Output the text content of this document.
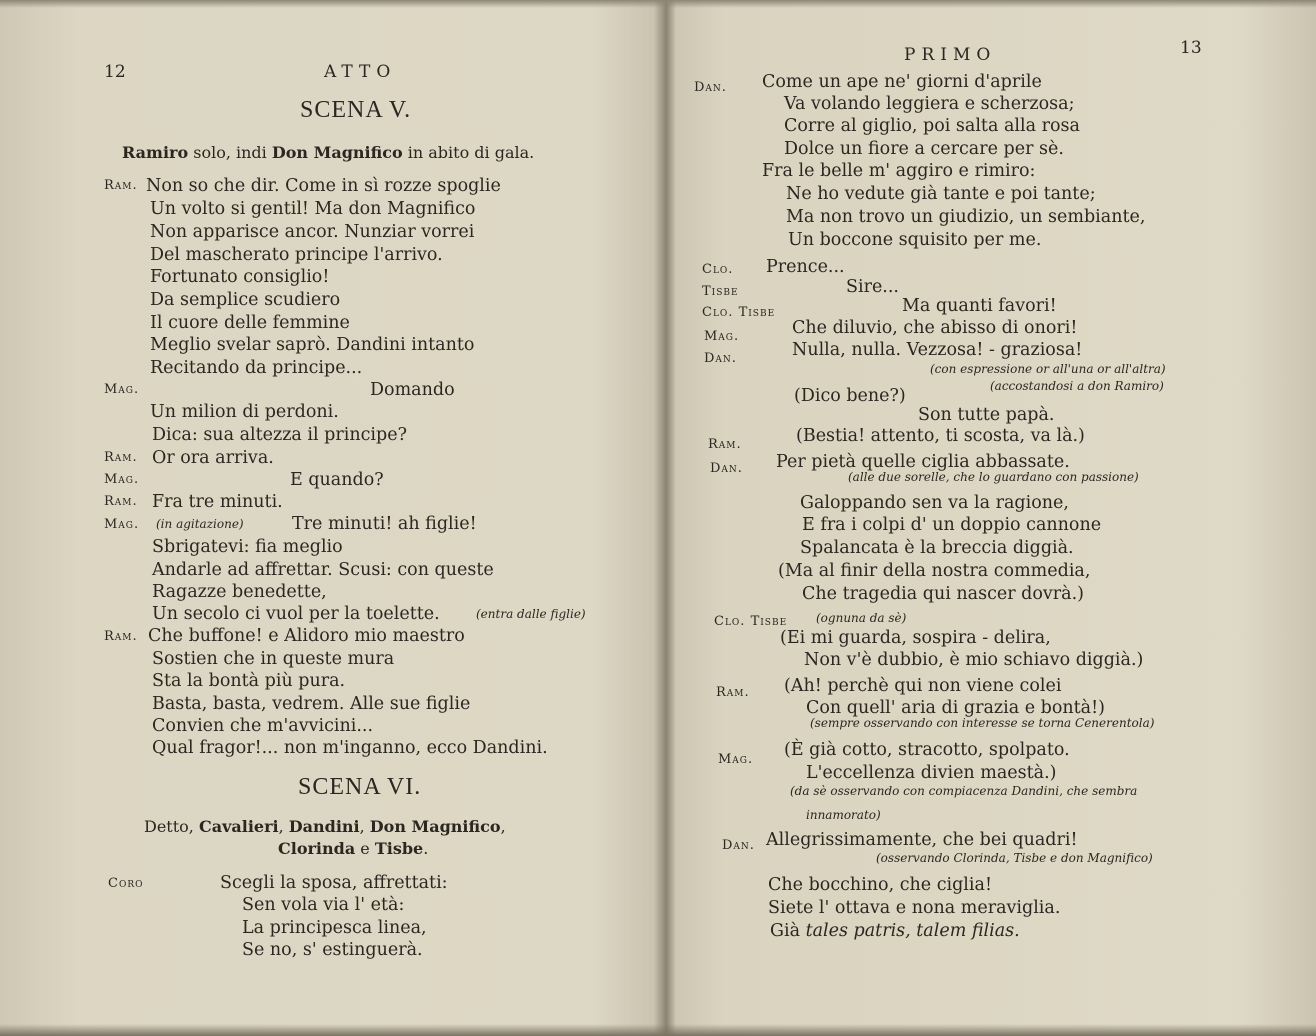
12	ATTO
SCENA V.
Ramiro solo, indi Don Magnifico in abito di gala.
Ram. Non so che dir. Come in sì rozze spoglie
Un volto si gentil! Ma don Magnifico
Non apparisce ancor. Nunziar vorrei
Del mascherato principe l'arrivo.
Fortunato consiglio!
Da semplice scudiero
Il cuore delle femmine
Meglio svelar saprò. Dandini intanto
Recitando da principe...
Mag.	Domando
Un milion di perdoni.
Dica: sua altezza il principe?
Ram. Or ora arriva.
Mag.	E quando?
Ram. Fra tre minuti.
Mag. (in agitazione)	Tre minuti! ah figlie!
Sbrigatevi: fia meglio
Andarle ad affrettar. Scusi: con queste
Ragazze benedette,
Un secolo ci vuol per la toelette.	(entra dalle figlie)
Ram. Che buffone! e Alidoro mio maestro
Sostien che in queste mura
Sta la bontà più pura.
Basta, basta, vedrem. Alle sue figlie
Convien che m'avvicini...
Qual fragor!... non m'inganno, ecco Dandini.
SCENA VI.
Detto, Cavalieri, Dandini, Don Magnifico,
Clorinda e Tisbe.
Coro	Scegli la sposa, affrettati:
Sen vola via l' età:
La principesca linea,
Se no, s' estinguerà.
PRIMO	13
Dan. Come un ape ne' giorni d'aprile
Va volando leggiera e scherzosa;
Corre al giglio, poi salta alla rosa
Dolce un fiore a cercare per sè.
Fra le belle m' aggiro e rimiro:
Ne ho vedute già tante e poi tante;
Ma non trovo un giudizio, un sembiante,
Un boccone squisito per me.
Clo. Prence...
Tisbe	Sire...
Clo. Tisbe	Ma quanti favori!
Mag.	Che diluvio, che abisso di onori!
Dan.	Nulla, nulla. Vezzosa! - graziosa!
(con espressione or all'una or all'altra)
(Dico bene?)	(accostandosi a don Ramiro)
Son tutte papà.
Ram.	(Bestia! attento, ti scosta, va là.)
Dan. Per pietà quelle ciglia abbassate.
(alle due sorelle, che lo guardano con passione)
Galoppando sen va la ragione,
E fra i colpi d' un doppio cannone
Spalancata è la breccia diggià.
(Ma al finir della nostra commedia,
Che tragedia qui nascer dovrà.)
Clo. Tisbe (ognuna da sè)
(Ei mi guarda, sospira - delira,
Non v'è dubbio, è mio schiavo diggià.)
Ram. (Ah! perchè qui non viene colei
Con quell' aria di grazia e bontà!)
(sempre osservando con interesse se torna Cenerentola)
Mag. (È già cotto, stracotto, spolpato.
L'eccellenza divien maestà.)
(da sè osservando con compiacenza Dandini, che sembra
innamorato)
Dan. Allegrissimamente, che bei quadri!
(osservando Clorinda, Tisbe e don Magnifico)
Che bocchino, che ciglia!
Siete l' ottava e nona meraviglia.
Già tales patris, talem filias.
